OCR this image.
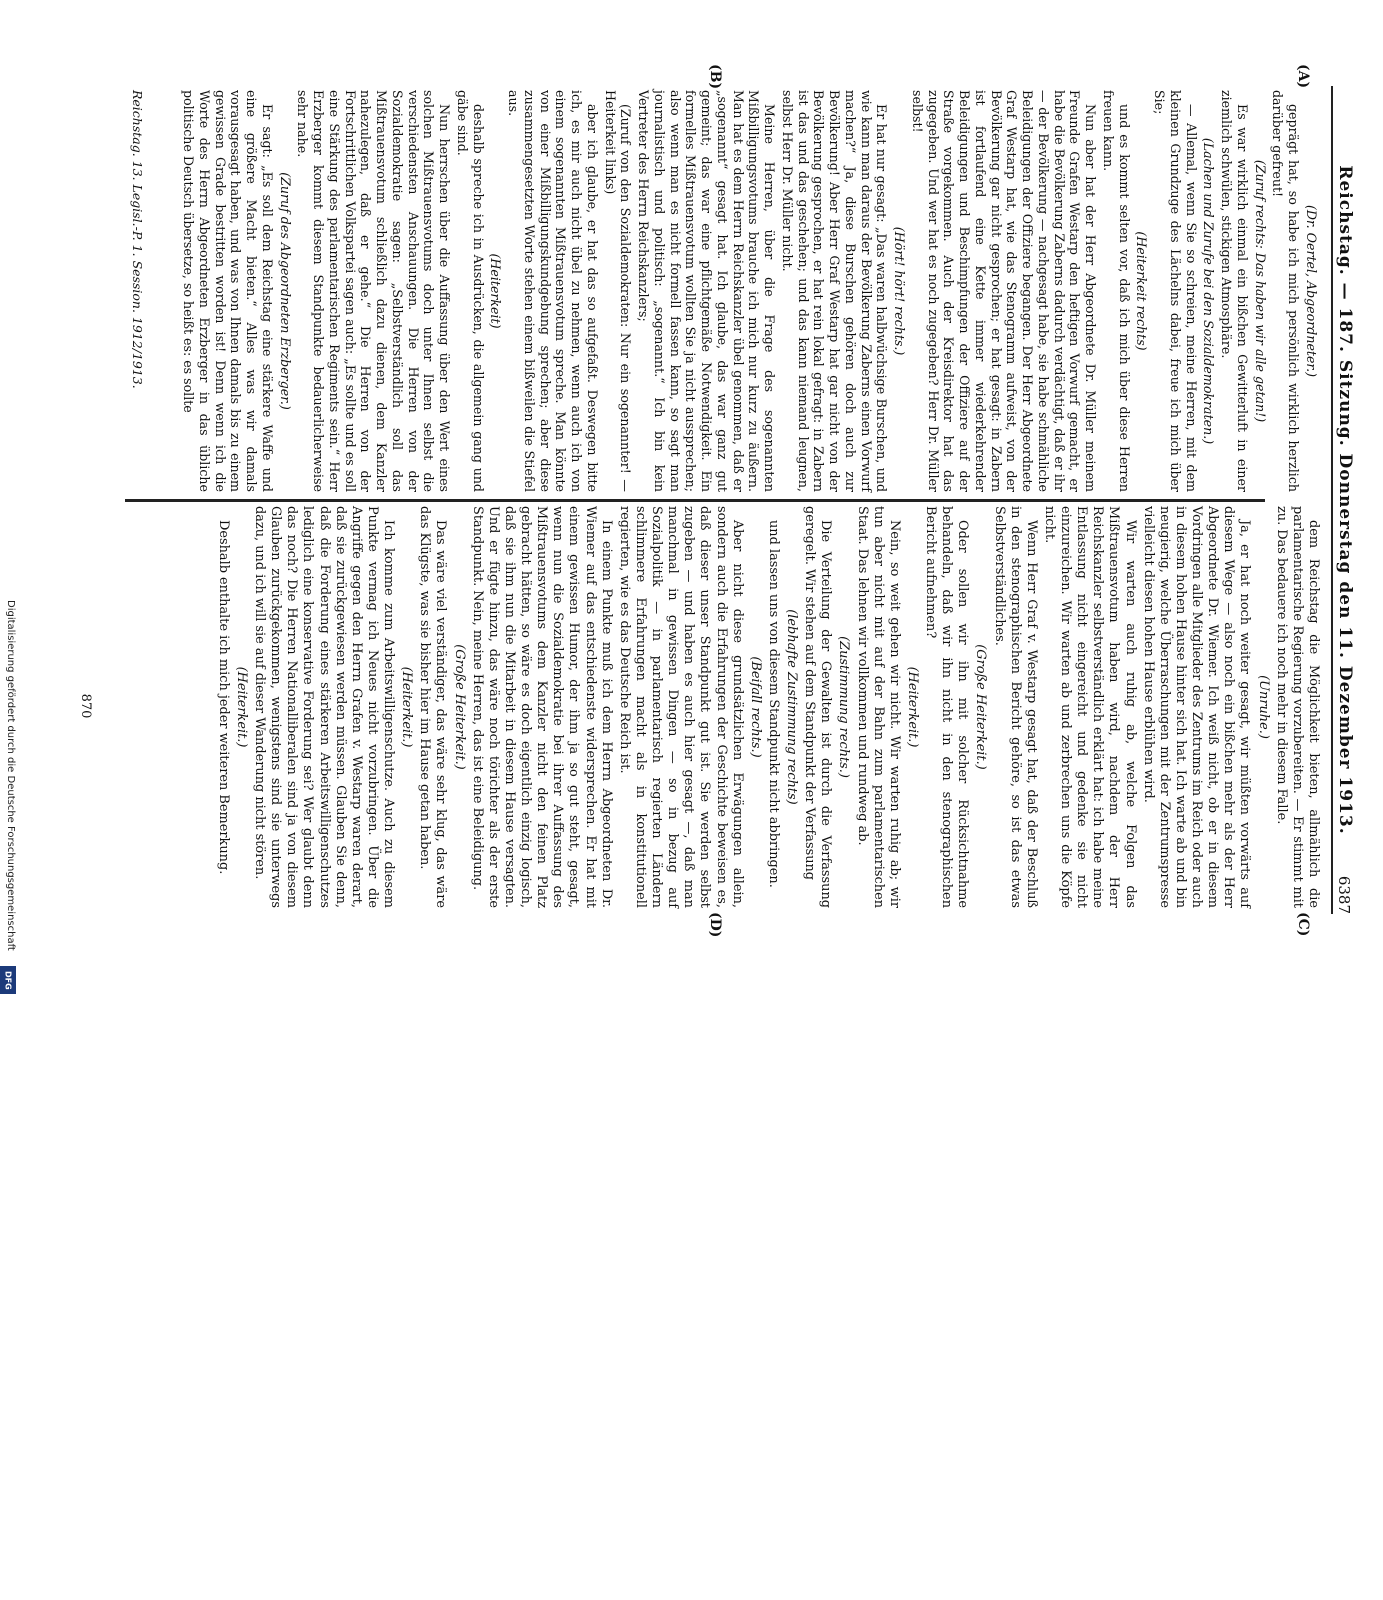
Reichstag. — 187. Sitzung. Donnerstag den 11. Dezember 1913.
6387
(A)
(B)
(C)
(D)

(Dr. Oertel, Abgeordneter.)

geprägt hat, so habe ich mich persönlich wirklich herzlich darüber gefreut!

(Zuruf rechts: Das haben wir alle getan!)

Es war wirklich einmal ein bißchen Gewitterluft in einer ziemlich schwülen, stickigen Atmosphäre.

(Lachen und Zurufe bei den Sozialdemokraten.)

— Allemal, wenn Sie so schreien, meine Herren, mit dem kleinen Grundzuge des Lächelns dabei, freue ich mich über Sie;

(Heiterkeit rechts)

und es kommt selten vor, daß ich mich über diese Herren freuen kann.

Nun aber hat der Herr Abgeordnete Dr. Müller meinem Freunde Grafen Westarp den heftigen Vorwurf gemacht, er habe die Bevölkerung Zaberns dadurch verdächtigt, daß er ihr — der Bevölkerung — nachgesagt habe, sie habe schmähliche Beleidigungen der Offiziere begangen. Der Herr Abgeordnete Graf Westarp hat, wie das Stenogramm aufweist, von der Bevölkerung gar nicht gesprochen; er hat gesagt: in Zabern ist fortlaufend eine Kette immer wiederkehrender Beleidigungen und Beschimpfungen der Offiziere auf der Straße vorgekommen. Auch der Kreisdirektor hat das zugegeben. Und wer hat es noch zugegeben? Herr Dr. Müller selbst!

(Hört! hört! rechts.)

Er hat nur gesagt: „Das waren halbwüchsige Burschen, und wie kann man daraus der Bevölkerung Zaberns einen Vorwurf machen?“ Ja, diese Burschen gehören doch auch zur Bevölkerung! Aber Herr Graf Westarp hat gar nicht von der Bevölkerung gesprochen, er hat rein lokal gefragt: in Zabern ist das und das geschehen; und das kann niemand leugnen, selbst Herr Dr. Müller nicht.

Meine Herren, über die Frage des sogenannten Mißbilligungsvotums brauche ich mich nur kurz zu äußern. Man hat es dem Herrn Reichskanzler übel genommen, daß er „sogenannt“ gesagt hat. Ich glaube, das war ganz gut gemeint; das war eine pflichtgemäße Notwendigkeit. Ein formelles Mißtrauensvotum wollten Sie ja nicht aussprechen; also wenn man es nicht formell fassen kann, so sagt man journalistisch und politisch: „sogenannt.“ Ich bin kein Vertreter des Herrn Reichskanzlers;

(Zuruf von den Sozialdemokraten: Nur ein sogenannter! — Heiterkeit links)

aber ich glaube, er hat das so aufgefaßt. Deswegen bitte ich, es mir auch nicht übel zu nehmen, wenn auch ich von einem sogenannten Mißtrauensvotum spreche. Man könnte von einer Mißbilligungskundgebung sprechen; aber diese zusammengesetzten Worte stehen einem bißweilen die Stiefel aus.

(Heiterkeit)

deshalb spreche ich in Ausdrücken, die allgemein gang und gäbe sind.

Nun herrschen über die Auffassung über den Wert eines solchen Mißtrauensvotums doch unter Ihnen selbst die verschiedensten Anschauungen. Die Herren von der Sozialdemokratie sagen: „Selbstverständlich soll das Mißtrauensvotum schließlich dazu dienen, dem Kanzler nahezulegen, daß er gehe.“ Die Herren von der Fortschrittlichen Volkspartei sagen auch: „Es sollte und es soll eine Stärkung des parlamentarischen Regiments sein.“ Herr Erzberger kommt diesem Standpunkte bedauerlicherweise sehr nahe.

(Zuruf des Abgeordneten Erzberger.)

Er sagt: „Es soll dem Reichstag eine stärkere Waffe und eine größere Macht bieten.“ Alles was wir damals vorausgesagt haben, und was von Ihnen damals bis zu einem gewissen Grade bestritten worden ist! Denn wenn ich die Worte des Herrn Abgeordneten Erzberger in das übliche politische Deutsch übersetze, so heißt es: es sollte

dem Reichstag die Möglichkeit bieten, allmählich die parlamentarische Regierung vorzubereiten. — Er stimmt mit zu. Das bedauere ich noch mehr in diesem Falle.

(Unruhe.)

Ja, er hat noch weiter gesagt, wir müßten vorwärts auf diesem Wege — also noch ein bißchen mehr als der Herr Abgeordnete Dr. Wiemer. Ich weiß nicht, ob er in diesem Vordringen alle Mitglieder des Zentrums im Reich oder auch in diesem hohen Hause hinter sich hat. Ich warte ab und bin neugierig, welche Überraschungen mit der Zentrumspresse vielleicht diesen hohen Hause erblühen wird.

Wir warten auch ruhig ab, welche Folgen das Mißtrauensvotum haben wird, nachdem der Herr Reichskanzler selbstverständlich erklärt hat: ich habe meine Entlassung nicht eingereicht und gedenke sie nicht einzureichen. Wir warten ab und zerbrechen uns die Köpfe nicht.

Wenn Herr Graf v. Westarp gesagt hat, daß der Beschluß in den stenographischen Bericht gehöre, so ist das etwas Selbstverständliches.

(Große Heiterkeit.)

Oder sollen wir ihn mit solcher Rücksichtnahme behandeln, daß wir ihn nicht in den stenographischen Bericht aufnehmen?

(Heiterkeit.)

Nein, so weit gehen wir nicht. Wir warten ruhig ab; wir tun aber nicht mit auf der Bahn zum parlamentarischen Staat. Das lehnen wir vollkommen und rundweg ab.

(Zustimmung rechts.)

Die Verteilung der Gewalten ist durch die Verfassung geregelt. Wir stehen auf dem Standpunkt der Verfassung

(lebhafte Zustimmung rechts)

und lassen uns von diesem Standpunkt nicht abbringen.

(Beifall rechts.)

Aber nicht diese grundsätzlichen Erwägungen allein, sondern auch die Erfahrungen der Geschichte beweisen es, daß dieser unser Standpunkt gut ist. Sie werden selbst zugeben — und haben es auch hier gesagt —, daß man manchmal in gewissen Dingen — so in bezug auf Sozialpolitik — in parlamentarisch regierten Ländern schlimmere Erfahrungen macht als in konstitutionell regierten, wie es das Deutsche Reich ist.

In einem Punkte muß ich dem Herrn Abgeordneten Dr. Wiemer auf das entschiedenste widersprechen. Er hat mit einem gewissen Humor, der ihm ja so gut steht, gesagt, wenn nun die Sozialdemokratie bei ihrer Auffassung des Mißtrauensvotums dem Kanzler nicht den feinen Platz gebracht hätten, so wäre es doch eigentlich einzig logisch, daß sie ihm nun die Mitarbeit in diesem Hause versagten. Und er fügte hinzu, das wäre noch törichter als der erste Standpunkt. Nein, meine Herren, das ist eine Beleidigung.

(Große Heiterkeit.)

Das wäre viel verständiger, das wäre sehr klug, das wäre das Klügste, was sie bisher hier im Hause getan haben.

(Heiterkeit.)

Ich komme zum Arbeitswilligenschutze. Auch zu diesem Punkte vermag ich Neues nicht vorzubringen. Über die Angriffe gegen den Herrn Grafen v. Westarp waren derart, daß sie zurückgewiesen werden müssen. Glauben Sie denn, daß die Forderung eines stärkeren Arbeitswilligenschutzes lediglich eine konservative Forderung sei? Wer glaubt denn das noch? Die Herren Nationalliberalen sind ja von diesem Glauben zurückgekommen, wenigstens sind sie unterwegs dazu, und ich will sie auf dieser Wanderung nicht stören.

(Heiterkeit.)

Deshalb enthalte ich mich jeder weiteren Bemerkung.

Reichstag. 13. Legisl.-P. 1. Session. 1912/1913.
870
Digitalisierung gefördert durch die Deutsche Forschungsgemeinschaft
DFG
